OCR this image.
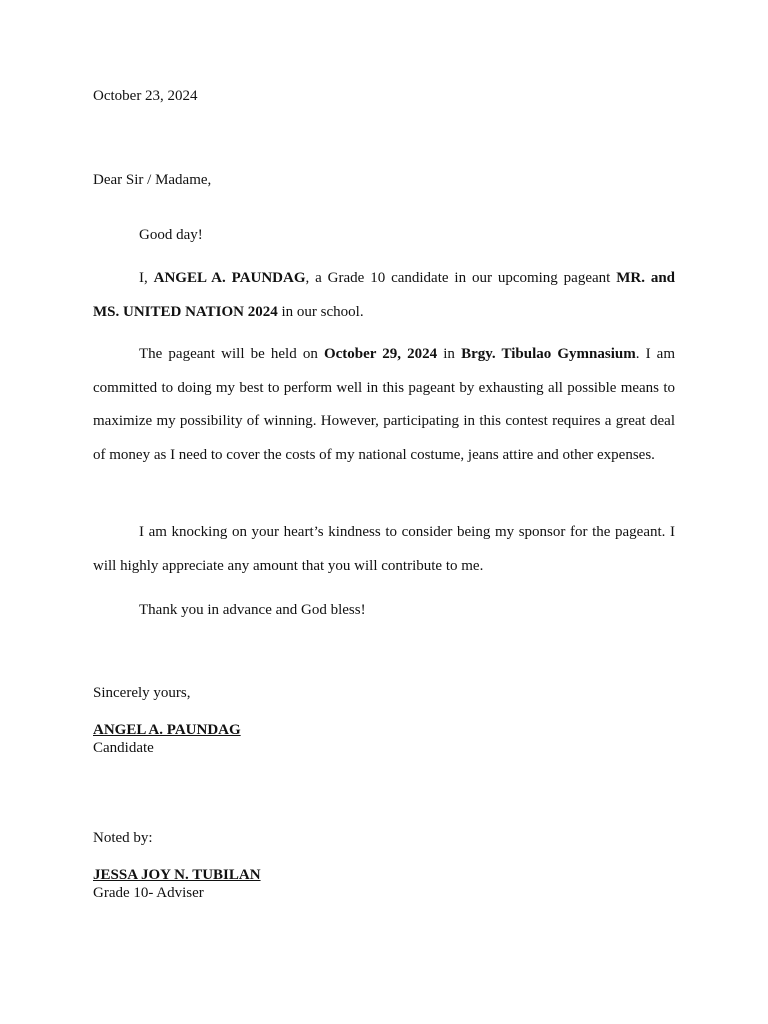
October 23, 2024
Dear Sir / Madame,
Good day!
I, ANGEL A. PAUNDAG, a Grade 10 candidate in our upcoming pageant MR. and MS. UNITED NATION 2024 in our school.
The pageant will be held on October 29, 2024 in Brgy. Tibulao Gymnasium. I am committed to doing my best to perform well in this pageant by exhausting all possible means to maximize my possibility of winning. However, participating in this contest requires a great deal of money as I need to cover the costs of my national costume, jeans attire and other expenses.
I am knocking on your heart’s kindness to consider being my sponsor for the pageant. I will highly appreciate any amount that you will contribute to me.
Thank you in advance and God bless!
Sincerely yours,
ANGEL A. PAUNDAG
Candidate
Noted by:
JESSA JOY N. TUBILAN
Grade 10- Adviser
